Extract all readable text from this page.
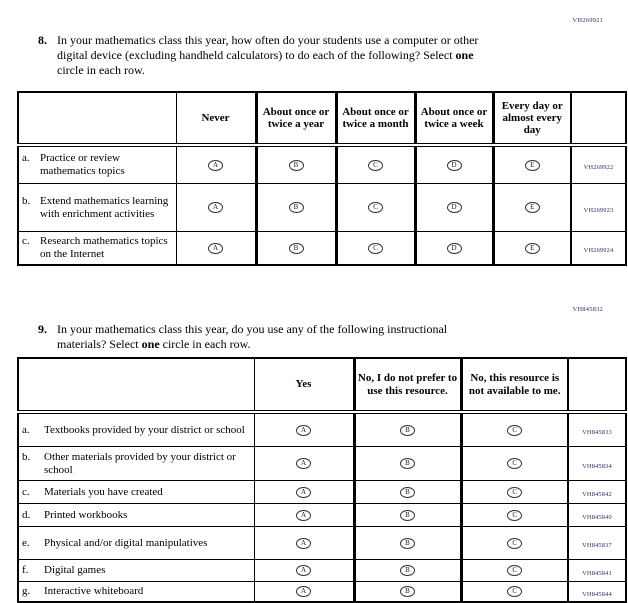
VH269921
8. In your mathematics class this year, how often do your students use a computer or other digital device (excluding handheld calculators) to do each of the following? Select one circle in each row.
	Never	About once or twice a year	About once or twice a month	About once or twice a week	Every day or almost every day	

a. Practice or review mathematics topics	A	B	C	D	E	VH269922

b. Extend mathematics learning with enrichment activities	A	B	C	D	E	VH269923

c. Research mathematics topics on the Internet	A	B	C	D	E	VH269924
VH845832
9. In your mathematics class this year, do you use any of the following instructional materials? Select one circle in each row.
	Yes	No, I do not prefer to use this resource.	No, this resource is not available to me.	

a. Textbooks provided by your district or school	A	B	C	VH845833

b. Other materials provided by your district or school	A	B	C	VH845834

c. Materials you have created	A	B	C	VH845842

d. Printed workbooks	A	B	C	VH845840

e. Physical and/or digital manipulatives	A	B	C	VH845837

f. Digital games	A	B	C	VH845841

g. Interactive whiteboard	A	B	C	VH845844
